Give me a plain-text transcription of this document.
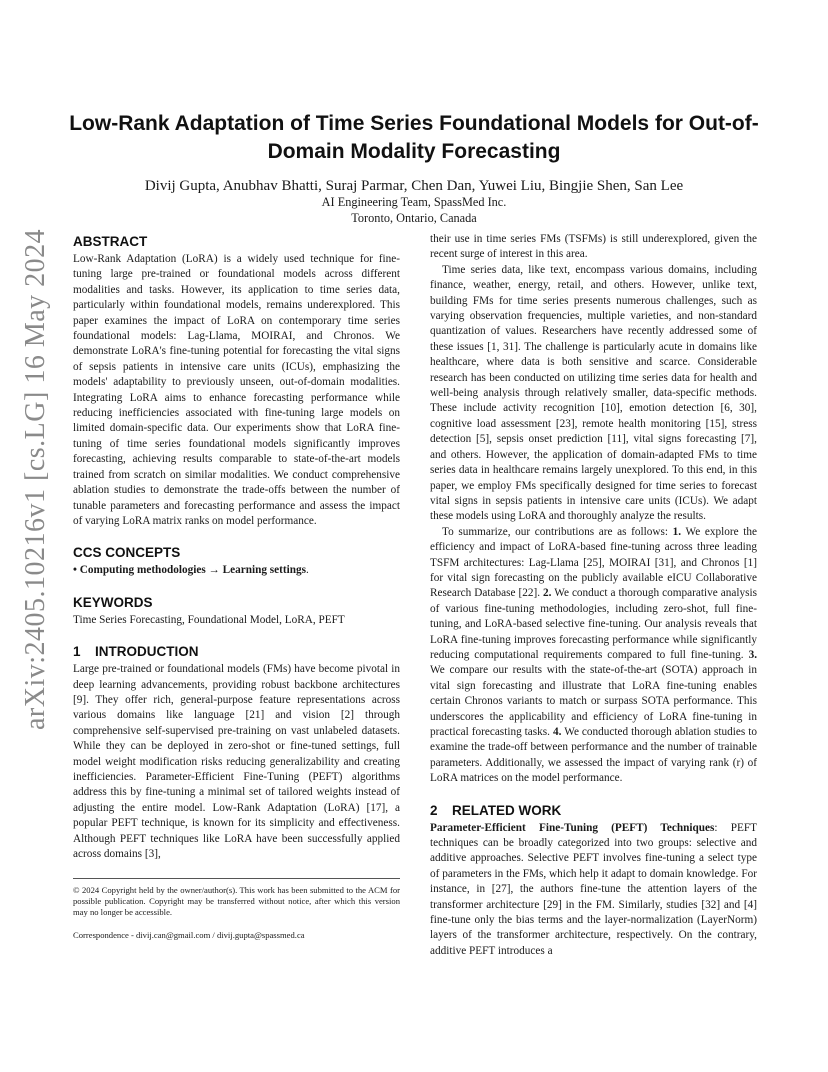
arXiv:2405.10216v1 [cs.LG] 16 May 2024
Low-Rank Adaptation of Time Series Foundational Models for Out-of-Domain Modality Forecasting
Divij Gupta, Anubhav Bhatti, Suraj Parmar, Chen Dan, Yuwei Liu, Bingjie Shen, San Lee
AI Engineering Team, SpassMed Inc.
Toronto, Ontario, Canada
ABSTRACT

Low-Rank Adaptation (LoRA) is a widely used technique for fine-tuning large pre-trained or foundational models across different modalities and tasks. However, its application to time series data, particularly within foundational models, remains underexplored. This paper examines the impact of LoRA on contemporary time series foundational models: Lag-Llama, MOIRAI, and Chronos. We demonstrate LoRA's fine-tuning potential for forecasting the vital signs of sepsis patients in intensive care units (ICUs), emphasizing the models' adaptability to previously unseen, out-of-domain modalities. Integrating LoRA aims to enhance forecasting performance while reducing inefficiencies associated with fine-tuning large models on limited domain-specific data. Our experiments show that LoRA fine-tuning of time series foundational models significantly improves forecasting, achieving results comparable to state-of-the-art models trained from scratch on similar modalities. We conduct comprehensive ablation studies to demonstrate the trade-offs between the number of tunable parameters and forecasting performance and assess the impact of varying LoRA matrix ranks on model performance.

CCS CONCEPTS

• Computing methodologies → Learning settings.

KEYWORDS

Time Series Forecasting, Foundational Model, LoRA, PEFT

1 INTRODUCTION

Large pre-trained or foundational models (FMs) have become pivotal in deep learning advancements, providing robust backbone architectures [9]. They offer rich, general-purpose feature representations across various domains like language [21] and vision [2] through comprehensive self-supervised pre-training on vast unlabeled datasets. While they can be deployed in zero-shot or fine-tuned settings, full model weight modification risks reducing generalizability and creating inefficiencies. Parameter-Efficient Fine-Tuning (PEFT) algorithms address this by fine-tuning a minimal set of tailored weights instead of adjusting the entire model. Low-Rank Adaptation (LoRA) [17], a popular PEFT technique, is known for its simplicity and effectiveness. Although PEFT techniques like LoRA have been successfully applied across domains [3],

© 2024 Copyright held by the owner/author(s). This work has been submitted to the ACM for possible publication. Copyright may be transferred without notice, after which this version may no longer be accessible.

Correspondence - divij.can@gmail.com / divij.gupta@spassmed.ca

their use in time series FMs (TSFMs) is still underexplored, given the recent surge of interest in this area.

Time series data, like text, encompass various domains, including finance, weather, energy, retail, and others. However, unlike text, building FMs for time series presents numerous challenges, such as varying observation frequencies, multiple varieties, and non-standard quantization of values. Researchers have recently addressed some of these issues [1, 31]. The challenge is particularly acute in domains like healthcare, where data is both sensitive and scarce. Considerable research has been conducted on utilizing time series data for health and well-being analysis through relatively smaller, data-specific methods. These include activity recognition [10], emotion detection [6, 30], cognitive load assessment [23], remote health monitoring [15], stress detection [5], sepsis onset prediction [11], vital signs forecasting [7], and others. However, the application of domain-adapted FMs to time series data in healthcare remains largely unexplored. To this end, in this paper, we employ FMs specifically designed for time series to forecast vital signs in sepsis patients in intensive care units (ICUs). We adapt these models using LoRA and thoroughly analyze the results.

To summarize, our contributions are as follows: 1. We explore the efficiency and impact of LoRA-based fine-tuning across three leading TSFM architectures: Lag-Llama [25], MOIRAI [31], and Chronos [1] for vital sign forecasting on the publicly available eICU Collaborative Research Database [22]. 2. We conduct a thorough comparative analysis of various fine-tuning methodologies, including zero-shot, full fine-tuning, and LoRA-based selective fine-tuning. Our analysis reveals that LoRA fine-tuning improves forecasting performance while significantly reducing computational requirements compared to full fine-tuning. 3. We compare our results with the state-of-the-art (SOTA) approach in vital sign forecasting and illustrate that LoRA fine-tuning enables certain Chronos variants to match or surpass SOTA performance. This underscores the applicability and efficiency of LoRA fine-tuning in practical forecasting tasks. 4. We conducted thorough ablation studies to examine the trade-off between performance and the number of trainable parameters. Additionally, we assessed the impact of varying rank (r) of LoRA matrices on the model performance.

2 RELATED WORK

Parameter-Efficient Fine-Tuning (PEFT) Techniques: PEFT techniques can be broadly categorized into two groups: selective and additive approaches. Selective PEFT involves fine-tuning a select type of parameters in the FMs, which help it adapt to domain knowledge. For instance, in [27], the authors fine-tune the attention layers of the transformer architecture [29] in the FM. Similarly, studies [32] and [4] fine-tune only the bias terms and the layer-normalization (LayerNorm) layers of the transformer architecture, respectively. On the contrary, additive PEFT introduces a
